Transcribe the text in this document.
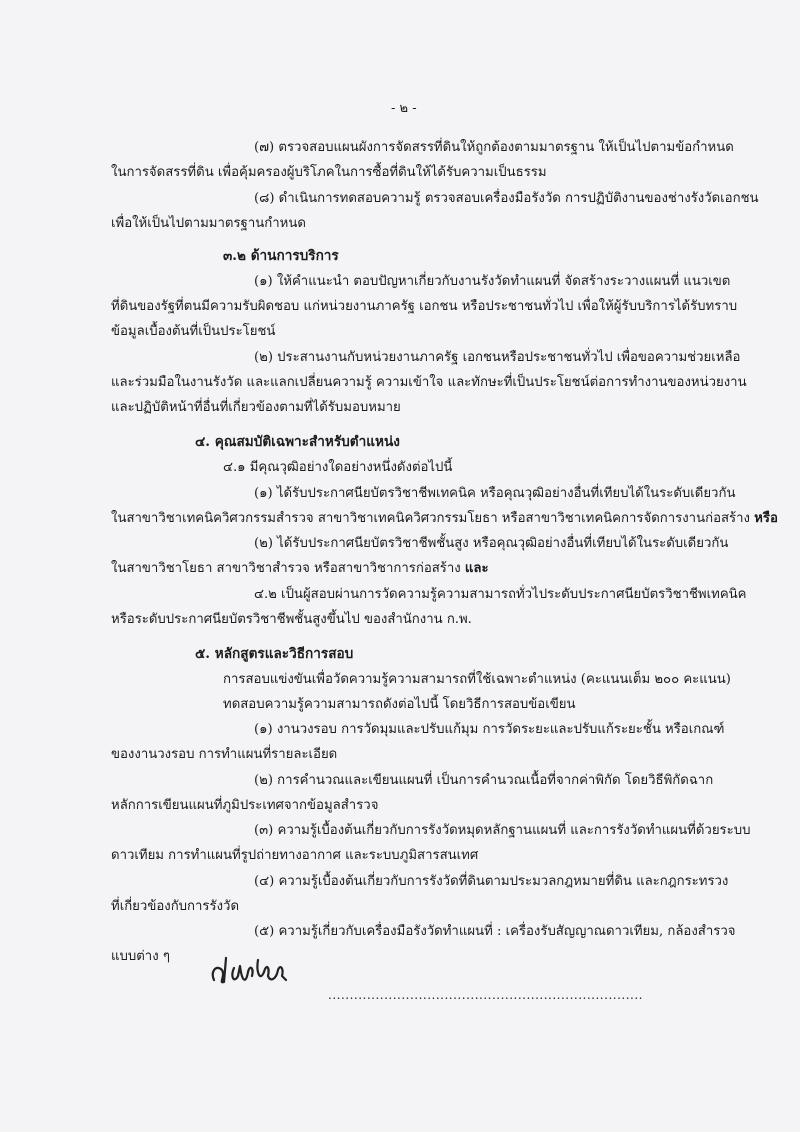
- ๒ -
(๗) ตรวจสอบแผนผังการจัดสรรที่ดินให้ถูกต้องตามมาตรฐาน ให้เป็นไปตามข้อกำหนด
ในการจัดสรรที่ดิน เพื่อคุ้มครองผู้บริโภคในการซื้อที่ดินให้ได้รับความเป็นธรรม
(๘) ดำเนินการทดสอบความรู้ ตรวจสอบเครื่องมือรังวัด การปฏิบัติงานของช่างรังวัดเอกชน
เพื่อให้เป็นไปตามมาตรฐานกำหนด
๓.๒ ด้านการบริการ
(๑) ให้คำแนะนำ ตอบปัญหาเกี่ยวกับงานรังวัดทำแผนที่ จัดสร้างระวางแผนที่ แนวเขต
ที่ดินของรัฐที่ตนมีความรับผิดชอบ แก่หน่วยงานภาครัฐ เอกชน หรือประชาชนทั่วไป เพื่อให้ผู้รับบริการได้รับทราบ
ข้อมูลเบื้องต้นที่เป็นประโยชน์
(๒) ประสานงานกับหน่วยงานภาครัฐ เอกชนหรือประชาชนทั่วไป เพื่อขอความช่วยเหลือ
และร่วมมือในงานรังวัด และแลกเปลี่ยนความรู้ ความเข้าใจ และทักษะที่เป็นประโยชน์ต่อการทำงานของหน่วยงาน
และปฏิบัติหน้าที่อื่นที่เกี่ยวข้องตามที่ได้รับมอบหมาย
๔. คุณสมบัติเฉพาะสำหรับตำแหน่ง
๔.๑ มีคุณวุฒิอย่างใดอย่างหนึ่งดังต่อไปนี้
(๑) ได้รับประกาศนียบัตรวิชาชีพเทคนิค หรือคุณวุฒิอย่างอื่นที่เทียบได้ในระดับเดียวกัน
ในสาขาวิชาเทคนิควิศวกรรมสำรวจ สาขาวิชาเทคนิควิศวกรรมโยธา หรือสาขาวิชาเทคนิคการจัดการงานก่อสร้าง หรือ
(๒) ได้รับประกาศนียบัตรวิชาชีพชั้นสูง หรือคุณวุฒิอย่างอื่นที่เทียบได้ในระดับเดียวกัน
ในสาขาวิชาโยธา สาขาวิชาสำรวจ หรือสาขาวิชาการก่อสร้าง และ
๔.๒ เป็นผู้สอบผ่านการวัดความรู้ความสามารถทั่วไประดับประกาศนียบัตรวิชาชีพเทคนิค
หรือระดับประกาศนียบัตรวิชาชีพชั้นสูงขึ้นไป ของสำนักงาน ก.พ.
๕. หลักสูตรและวิธีการสอบ
การสอบแข่งขันเพื่อวัดความรู้ความสามารถที่ใช้เฉพาะตำแหน่ง (คะแนนเต็ม ๒๐๐ คะแนน)
ทดสอบความรู้ความสามารถดังต่อไปนี้ โดยวิธีการสอบข้อเขียน
(๑) งานวงรอบ การวัดมุมและปรับแก้มุม การวัดระยะและปรับแก้ระยะชั้น หรือเกณฑ์
ของงานวงรอบ การทำแผนที่รายละเอียด
(๒) การคำนวณและเขียนแผนที่ เป็นการคำนวณเนื้อที่จากค่าพิกัด โดยวิธีพิกัดฉาก
หลักการเขียนแผนที่ภูมิประเทศจากข้อมูลสำรวจ
(๓) ความรู้เบื้องต้นเกี่ยวกับการรังวัดหมุดหลักฐานแผนที่ และการรังวัดทำแผนที่ด้วยระบบ
ดาวเทียม การทำแผนที่รูปถ่ายทางอากาศ และระบบภูมิสารสนเทศ
(๔) ความรู้เบื้องต้นเกี่ยวกับการรังวัดที่ดินตามประมวลกฎหมายที่ดิน และกฎกระทรวง
ที่เกี่ยวข้องกับการรังวัด
(๕) ความรู้เกี่ยวกับเครื่องมือรังวัดทำแผนที่ : เครื่องรับสัญญาณดาวเทียม, กล้องสำรวจ
แบบต่าง ๆ
.........................................................................
